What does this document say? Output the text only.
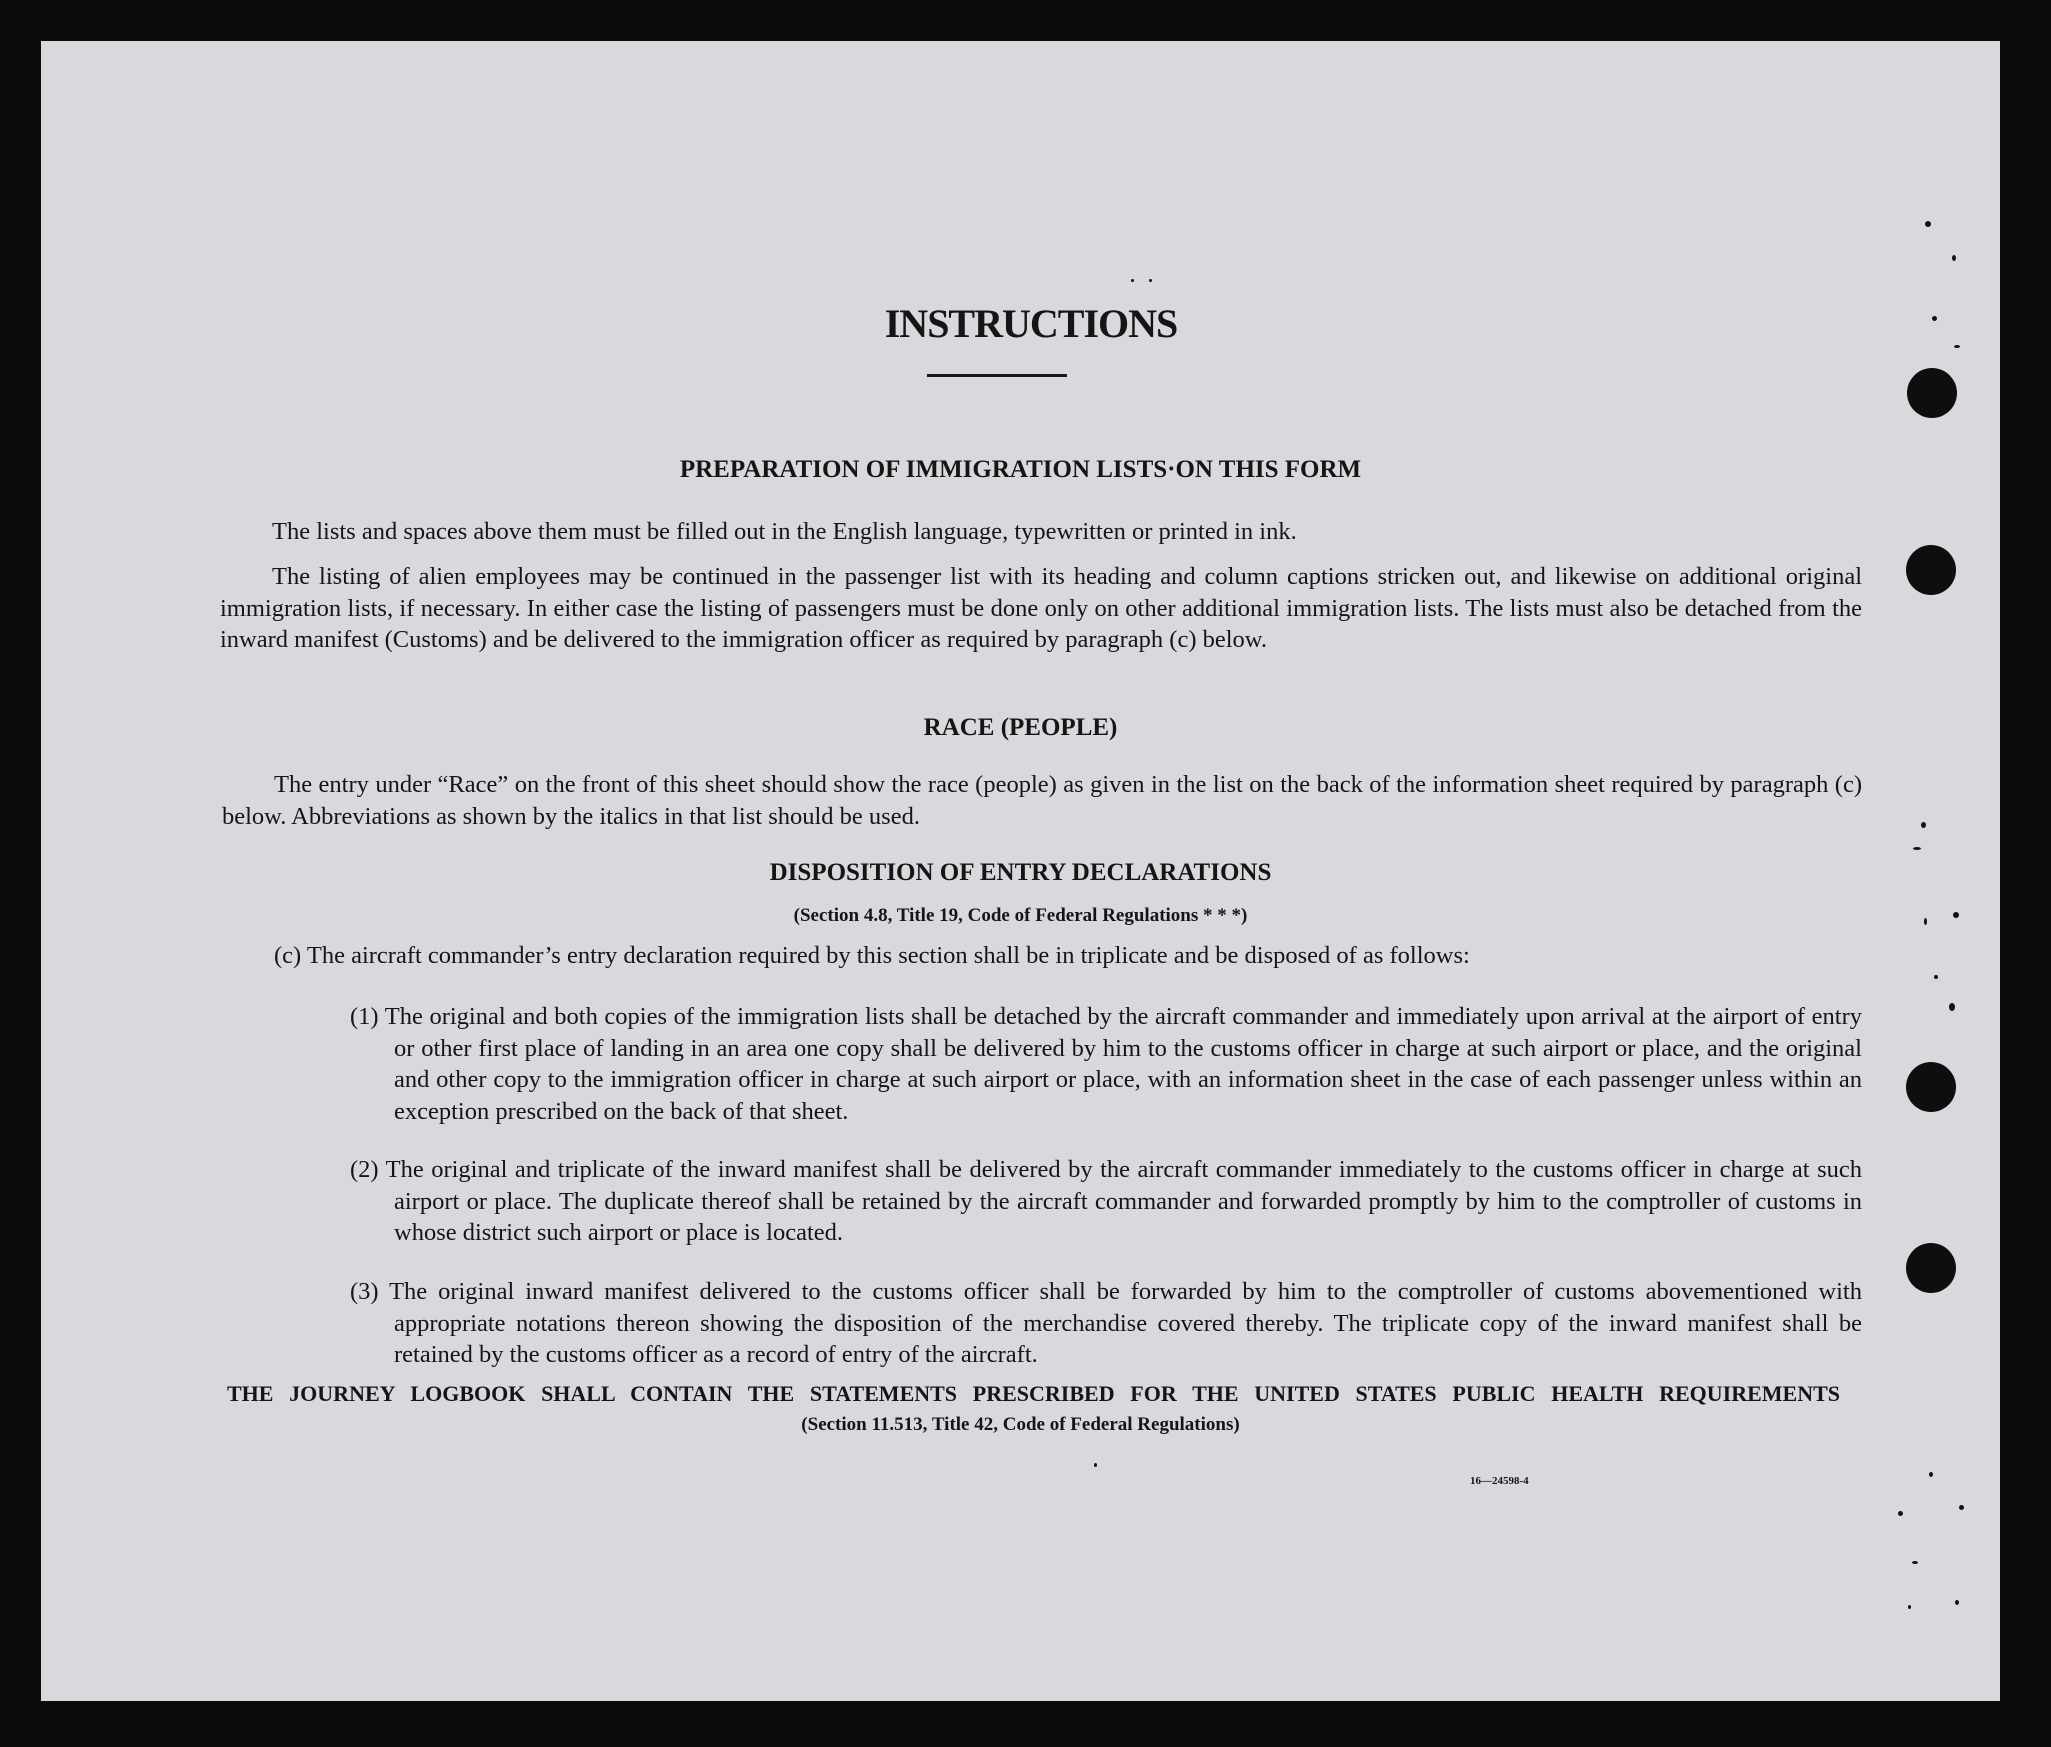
INSTRUCTIONS
PREPARATION OF IMMIGRATION LISTS·ON THIS FORM

The lists and spaces above them must be filled out in the English language, typewritten or printed in ink.

The listing of alien employees may be continued in the passenger list with its heading and column captions stricken out, and likewise on additional original immigration lists, if necessary. In either case the listing of passengers must be done only on other additional immigration lists. The lists must also be detached from the inward manifest (Customs) and be delivered to the immigration officer as required by paragraph (c) below.

RACE (PEOPLE)

The entry under “Race” on the front of this sheet should show the race (people) as given in the list on the back of the information sheet required by paragraph (c) below. Abbreviations as shown by the italics in that list should be used.

DISPOSITION OF ENTRY DECLARATIONS

(Section 4.8, Title 19, Code of Federal Regulations * * *)

(c) The aircraft commander’s entry declaration required by this section shall be in triplicate and be disposed of as follows:

(1) The original and both copies of the immigration lists shall be detached by the aircraft commander and immediately upon arrival at the airport of entry or other first place of landing in an area one copy shall be delivered by him to the customs officer in charge at such airport or place, and the original and other copy to the immigration officer in charge at such airport or place, with an information sheet in the case of each passenger unless within an exception prescribed on the back of that sheet.

(2) The original and triplicate of the inward manifest shall be delivered by the aircraft commander immediately to the customs officer in charge at such airport or place. The duplicate thereof shall be retained by the aircraft commander and forwarded promptly by him to the comptroller of customs in whose district such airport or place is located.

(3) The original inward manifest delivered to the customs officer shall be forwarded by him to the comptroller of customs abovementioned with appropriate notations thereon showing the disposition of the merchandise covered thereby. The triplicate copy of the inward manifest shall be retained by the customs officer as a record of entry of the aircraft.

THE JOURNEY LOGBOOK SHALL CONTAIN THE STATEMENTS PRESCRIBED FOR THE UNITED STATES PUBLIC HEALTH REQUIREMENTS

(Section 11.513, Title 42, Code of Federal Regulations)

16—24598-4
